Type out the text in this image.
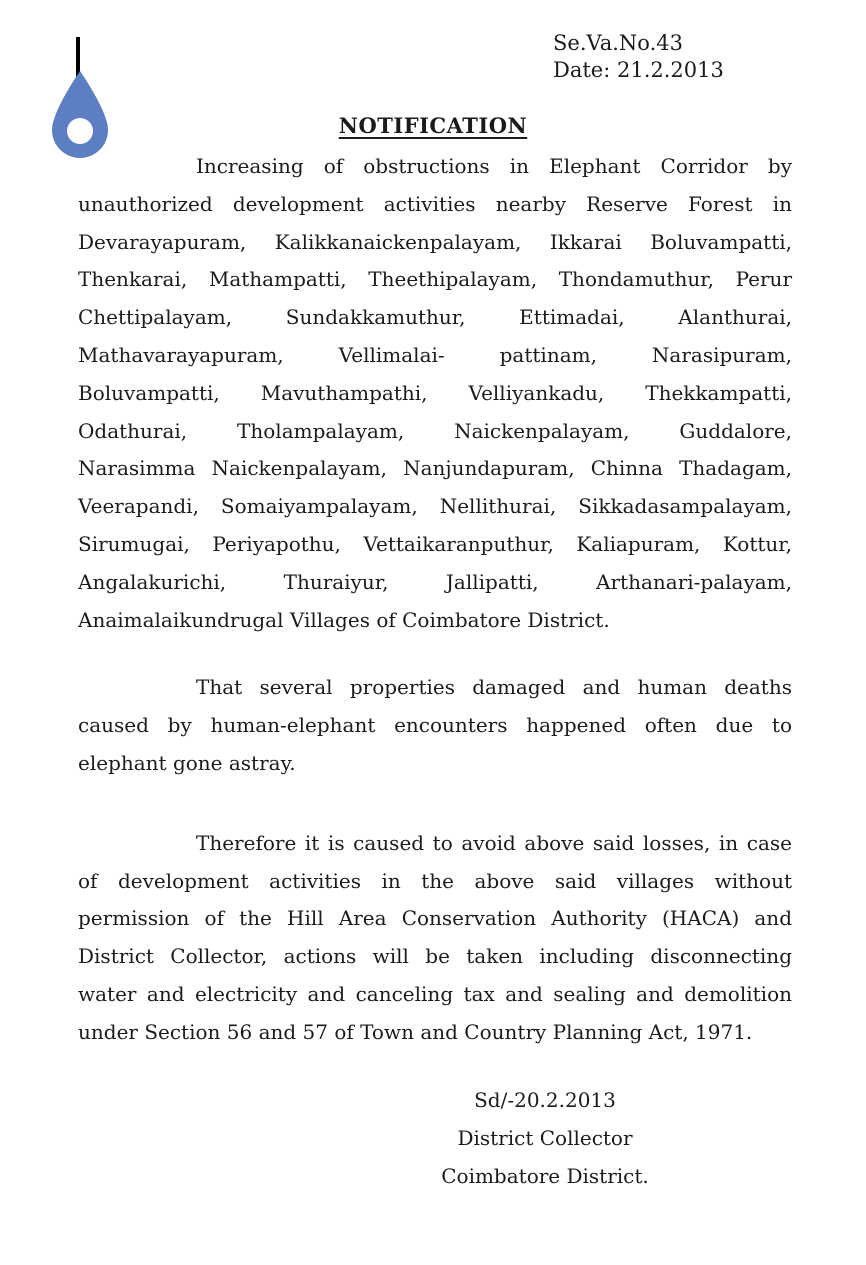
Se.Va.No.43
Date: 21.2.2013
NOTIFICATION
Increasing of obstructions in Elephant Corridor by
unauthorized development activities nearby Reserve Forest in
Devarayapuram, Kalikkanaickenpalayam, Ikkarai Boluvampatti,
Thenkarai, Mathampatti, Theethipalayam, Thondamuthur, Perur
Chettipalayam, Sundakkamuthur, Ettimadai, Alanthurai,
Mathavarayapuram, Vellimalai- pattinam, Narasipuram,
Boluvampatti, Mavuthampathi, Velliyankadu, Thekkampatti,
Odathurai, Tholampalayam, Naickenpalayam, Guddalore,
Narasimma Naickenpalayam, Nanjundapuram, Chinna Thadagam,
Veerapandi, Somaiyampalayam, Nellithurai, Sikkadasampalayam,
Sirumugai, Periyapothu, Vettaikaranputhur, Kaliapuram, Kottur,
Angalakurichi, Thuraiyur, Jallipatti, Arthanari-palayam,
Anaimalaikundrugal Villages of Coimbatore District.
That several properties damaged and human deaths
caused by human-elephant encounters happened often due to
elephant gone astray.
Therefore it is caused to avoid above said losses, in case
of development activities in the above said villages without
permission of the Hill Area Conservation Authority (HACA) and
District Collector, actions will be taken including disconnecting
water and electricity and canceling tax and sealing and demolition
under Section 56 and 57 of Town and Country Planning Act, 1971.
Sd/-20.2.2013
District Collector
Coimbatore District.
